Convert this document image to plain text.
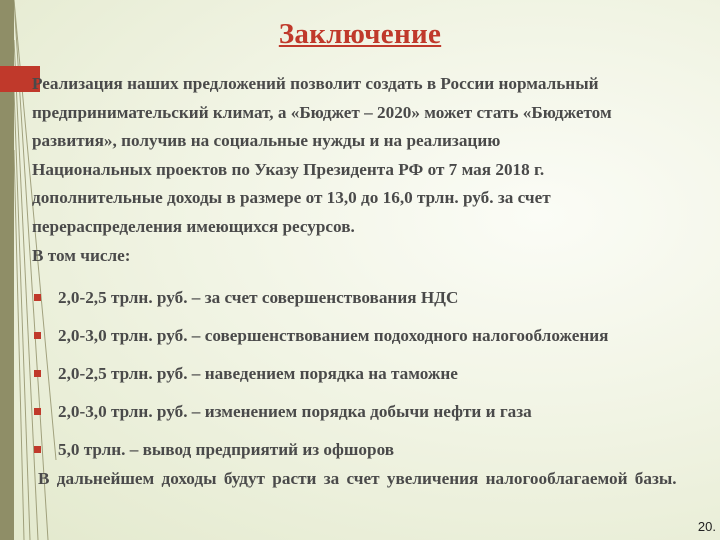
Заключение
Реализация наших предложений позволит создать в России нормальный
предпринимательский климат, а «Бюджет – 2020» может стать «Бюджетом
развития», получив на социальные нужды и на реализацию
Национальных проектов по Указу Президента РФ от 7 мая 2018 г.
дополнительные доходы в размере от 13,0 до 16,0 трлн. руб. за счет
перераспределения имеющихся ресурсов.
В том числе:
2,0-2,5 трлн. руб. – за счет совершенствования НДС
2,0-3,0 трлн. руб. – совершенствованием подоходного налогообложения
2,0-2,5 трлн. руб. – наведением порядка на таможне
2,0-3,0 трлн. руб. – изменением порядка добычи нефти и газа
5,0 трлн. – вывод предприятий из офшоров
В дальнейшем доходы будут расти за счет увеличения налогооблагаемой базы.
20.
